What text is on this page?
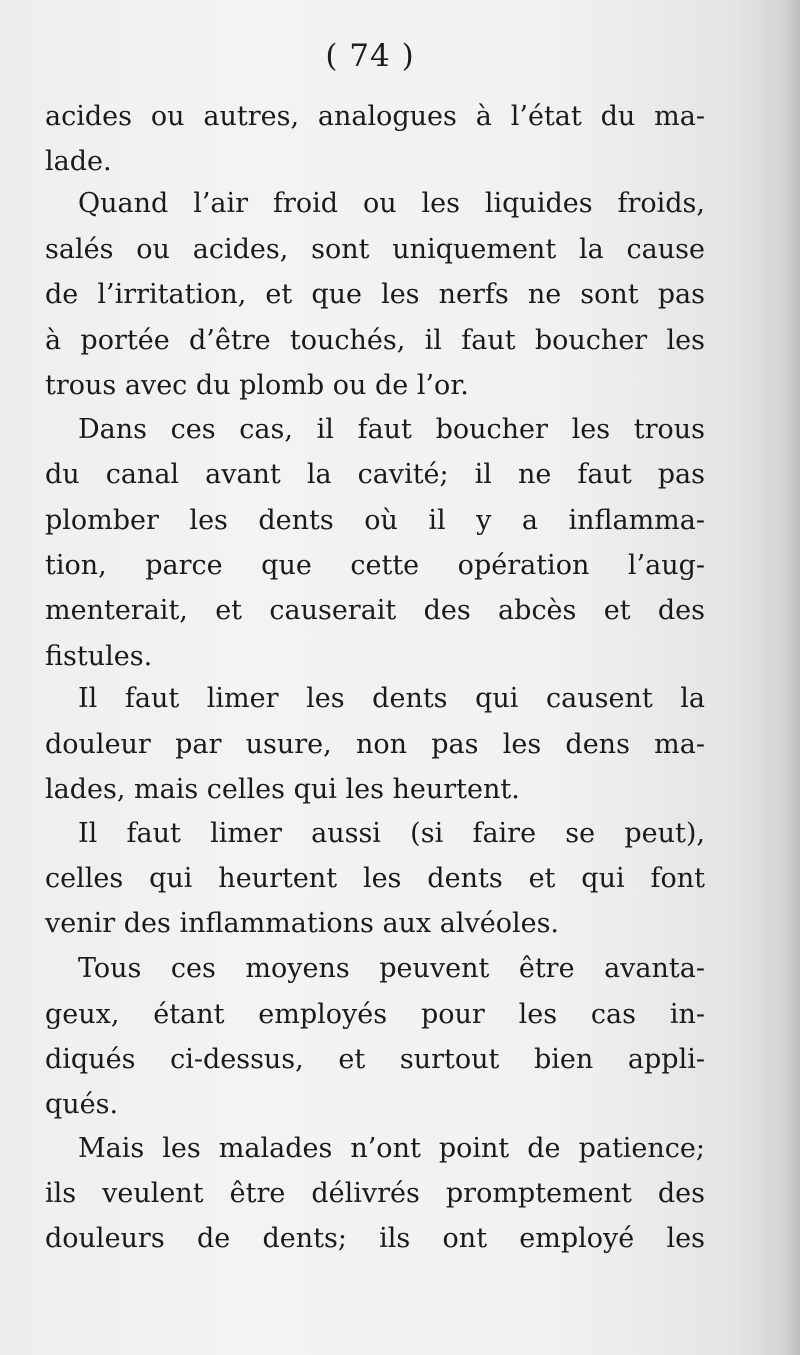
( 74 )
acides ou autres, analogues à l’état du ma-
lade.
Quand l’air froid ou les liquides froids,
salés ou acides, sont uniquement la cause
de l’irritation, et que les nerfs ne sont pas
à portée d’être touchés, il faut boucher les
trous avec du plomb ou de l’or.
Dans ces cas, il faut boucher les trous
du canal avant la cavité; il ne faut pas
plomber les dents où il y a inflamma-
tion, parce que cette opération l’aug-
menterait, et causerait des abcès et des
fistules.
Il faut limer les dents qui causent la
douleur par usure, non pas les dens ma-
lades, mais celles qui les heurtent.
Il faut limer aussi (si faire se peut),
celles qui heurtent les dents et qui font
venir des inflammations aux alvéoles.
Tous ces moyens peuvent être avanta-
geux, étant employés pour les cas in-
diqués ci-dessus, et surtout bien appli-
qués.
Mais les malades n’ont point de patience;
ils veulent être délivrés promptement des
douleurs de dents; ils ont employé les
